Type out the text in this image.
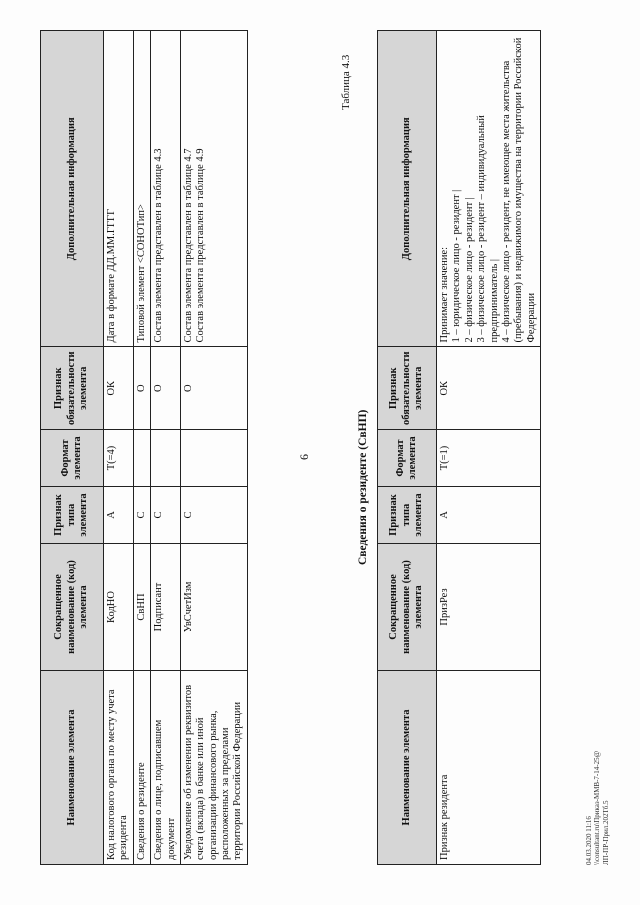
Наименование элемента	Сокращенное наименование (код) элемента	Признак типа элемента	Формат элемента	Признак обязательности элемента	Дополнительная информация
Код налогового органа по месту учета резидента	КодНО	А	Т(=4)	ОК	Дата в формате ДД.ММ.ГГГГ
Сведения о резиденте	СвНП	С		О	Типовой элемент <СОНОТип>
Сведения о лице, подписавшем документ	Подписант	С		О	Состав элемента представлен в таблице 4.3
Уведомление об изменении реквизитов счета (вклада) в банке или иной организации финансового рынка, расположенных за пределами территории Российской Федерации	УвСчетИзм	С		О	Состав элемента представлен в таблице 4.7 Состав элемента представлен в таблице 4.9
6
Таблица 4.3
Сведения о резиденте (СвНП)
Наименование элемента	Сокращенное наименование (код) элемента	Признак типа элемента	Формат элемента	Признак обязательности элемента	Дополнительная информация
Признак резидента	ПризРез	А	Т(=1)	ОК	Принимает значение: 1 – юридическое лицо - резидент | 2 – физическое лицо - резидент | 3 – физическое лицо - резидент – индивидуальный предприниматель | 4 – физическое лицо - резидент, не имеющее места жительства (пребывания) и недвижимого имущества на территории Российской Федерации
04.03.2020 11:16 \\consultant.ru\Приказ-ММВ-7-14-25@ ЛП-ПР-Прил.202Тб.5
